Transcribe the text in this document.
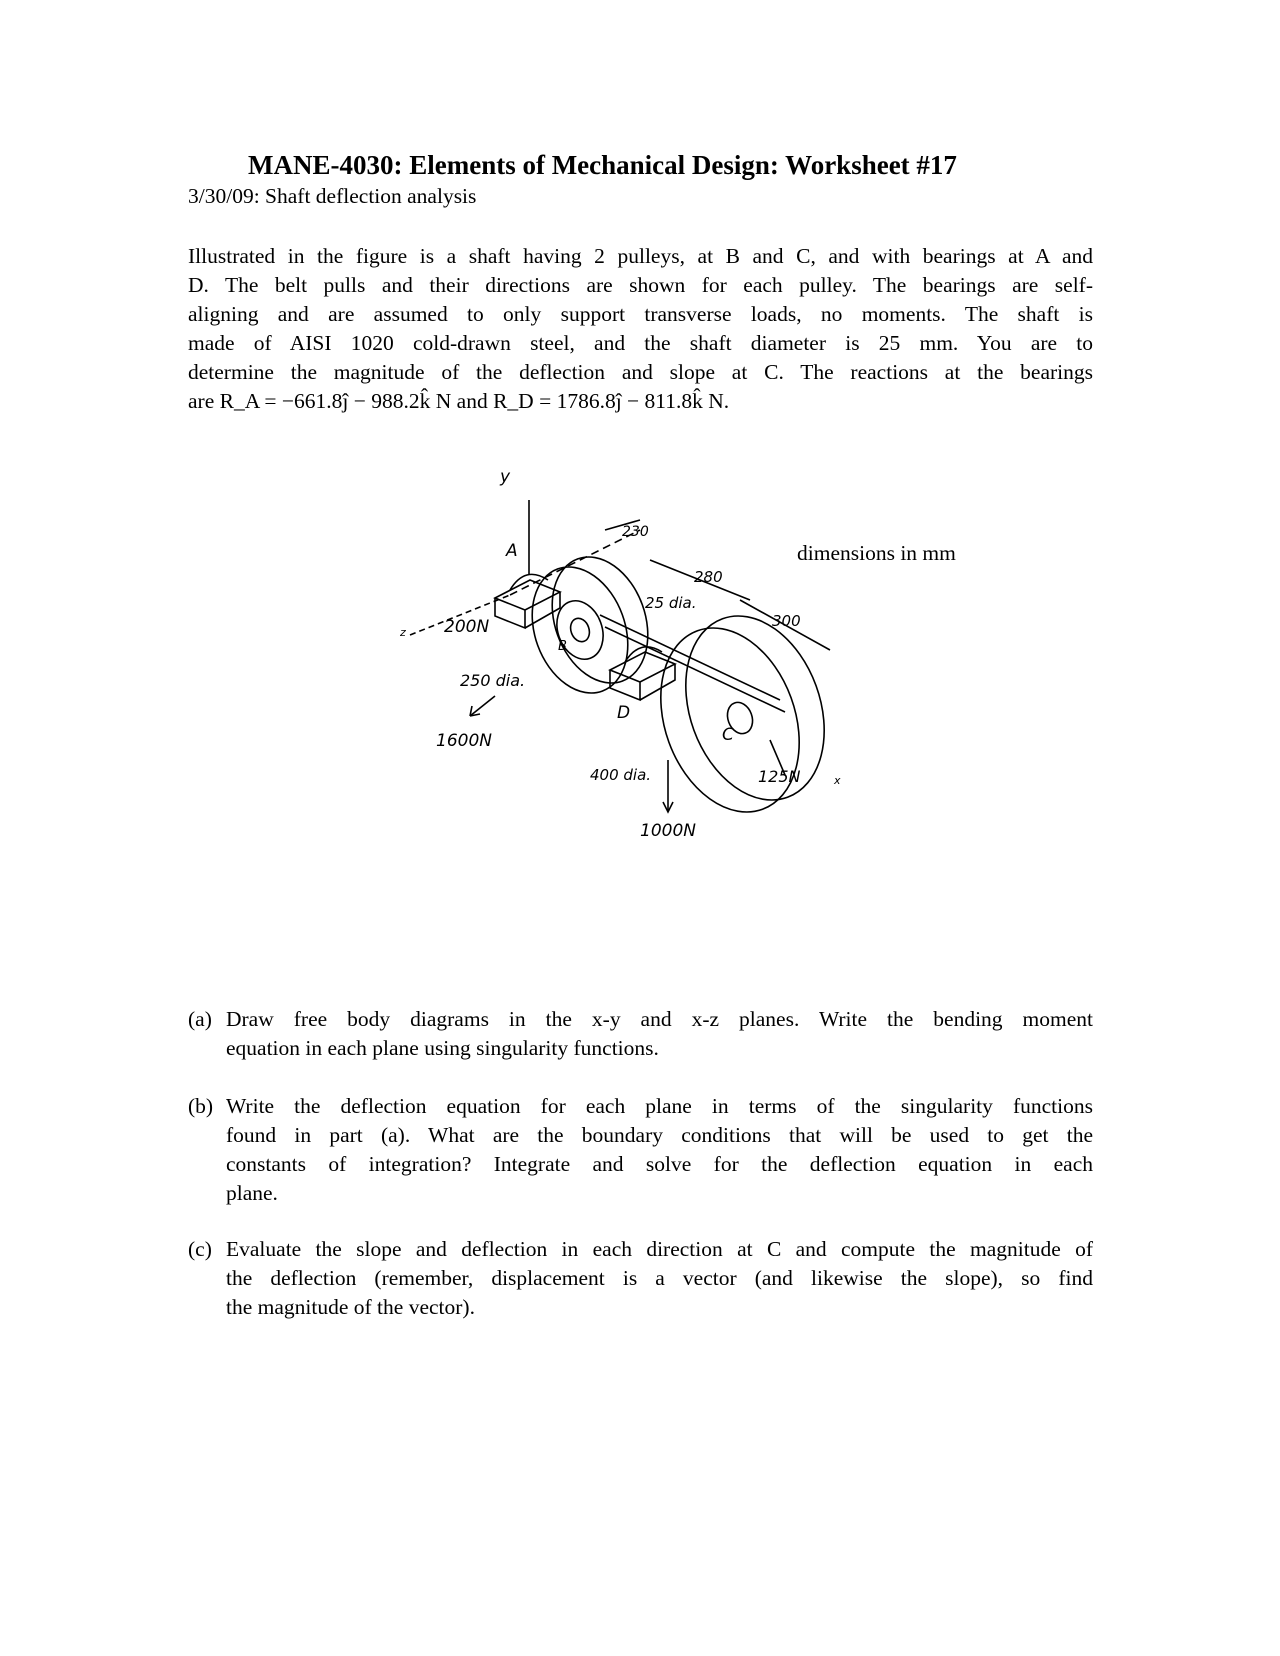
MANE-4030: Elements of Mechanical Design: Worksheet #17
3/30/09: Shaft deflection analysis
Illustrated in the figure is a shaft having 2 pulleys, at B and C, and with bearings at A and
D. The belt pulls and their directions are shown for each pulley. The bearings are self-
aligning and are assumed to only support transverse loads, no moments. The shaft is
made of AISI 1020 cold-drawn steel, and the shaft diameter is 25 mm. You are to
determine the magnitude of the deflection and slope at C. The reactions at the bearings
are R_A = −661.8ĵ − 988.2k̂ N and R_D = 1786.8ĵ − 811.8k̂ N.
y
z
A
B
C
D
230
280
300
25 dia.
250 dia.
400 dia.
200N
1600N
1000N
125N	x
dimensions in mm
(a) Draw free body diagrams in the x-y and x-z planes. Write the bending moment
equation in each plane using singularity functions.
(b) Write the deflection equation for each plane in terms of the singularity functions
found in part (a). What are the boundary conditions that will be used to get the
constants of integration? Integrate and solve for the deflection equation in each
plane.
(c) Evaluate the slope and deflection in each direction at C and compute the magnitude of
the deflection (remember, displacement is a vector (and likewise the slope), so find
the magnitude of the vector).
